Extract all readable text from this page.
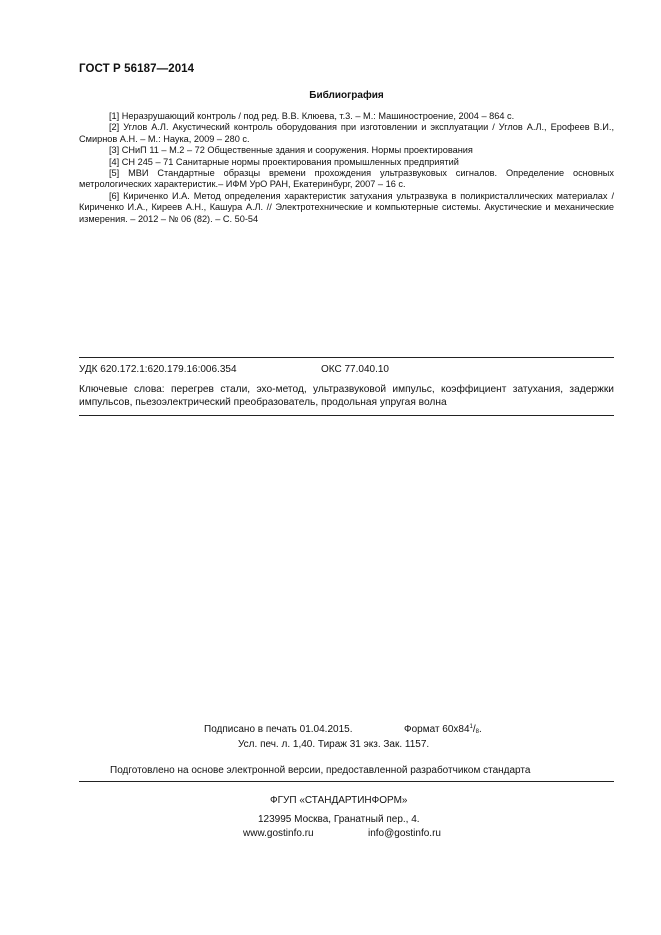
ГОСТ Р 56187—2014
Библиография

[1] Неразрушающий контроль / под ред. В.В. Клюева, т.3. – М.: Машиностроение, 2004 – 864 с.

[2] Углов А.Л. Акустический контроль оборудования при изготовлении и эксплуатации / Углов А.Л., Ерофеев В.И., Смирнов А.Н. – М.: Наука, 2009 – 280 с.

[3] СНиП 11 – М.2 – 72 Общественные здания и сооружения. Нормы проектирования

[4] СН 245 – 71 Санитарные нормы проектирования промышленных предприятий

[5] МВИ Стандартные образцы времени прохождения ультразвуковых сигналов. Определение основных метрологических характеристик.– ИФМ УрО РАН, Екатеринбург, 2007 – 16 с.

[6] Кириченко И.А. Метод определения характеристик затухания ультразвука в поликристаллических материалах / Кириченко И.А., Киреев А.Н., Кашура А.Л. // Электротехнические и компьютерные системы. Акустические и механические измерения. – 2012 – № 06 (82). – С. 50-54

УДК 620.172.1:620.179.16:006.354	ОКС 77.040.10
Ключевые слова: перегрев стали, эхо-метод, ультразвуковой импульс, коэффициент затухания, задержки импульсов, пьезоэлектрический преобразователь, продольная упругая волна
Подписано в печать 01.04.2015.	Формат $60х84^1/_8$.
Усл. печ. л. 1,40. Тираж 31 экз. Зак. 1157.
Подготовлено на основе электронной версии, предоставленной разработчиком стандарта
ФГУП «СТАНДАРТИНФОРМ»
123995 Москва, Гранатный пер., 4.
www.gostinfo.ru	info@gostinfo.ru
